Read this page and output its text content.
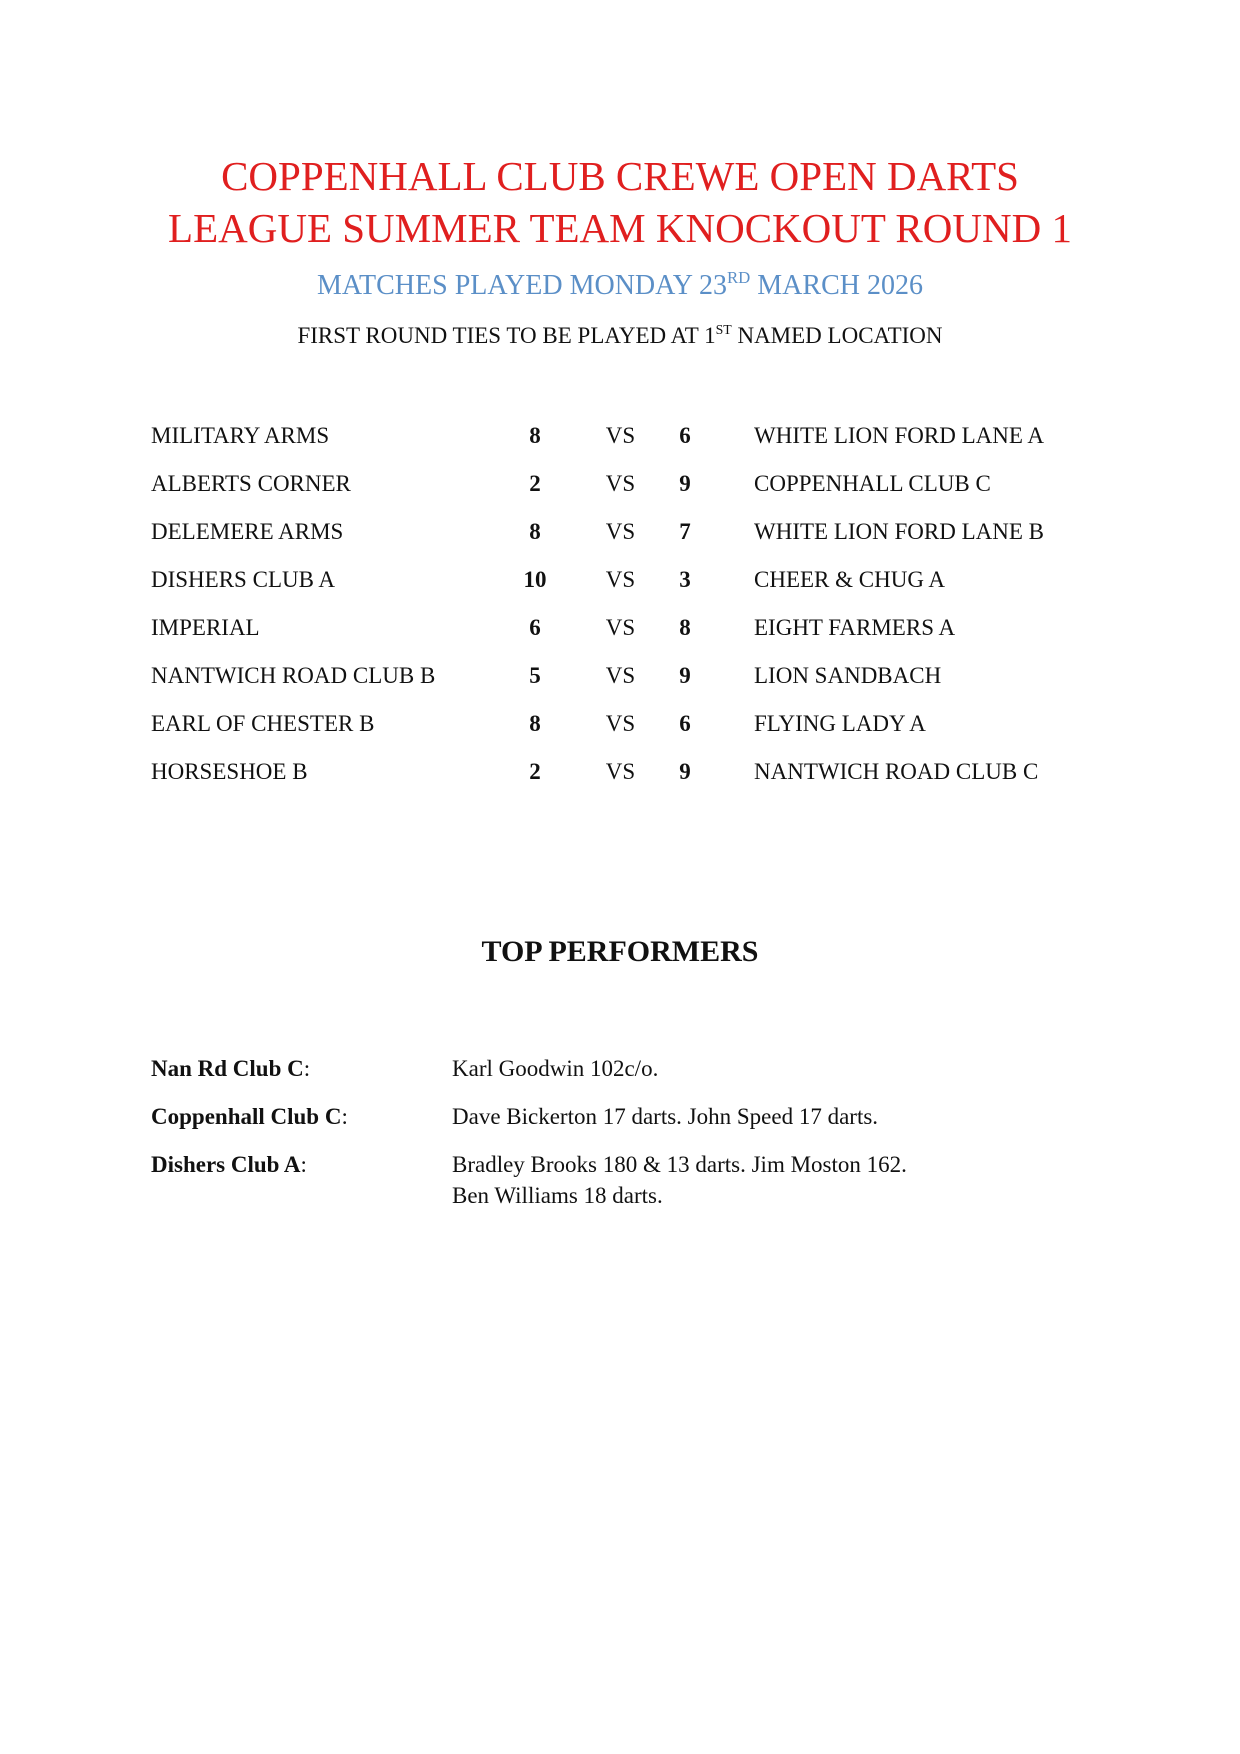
COPPENHALL CLUB CREWE OPEN DARTS
LEAGUE SUMMER TEAM KNOCKOUT ROUND 1

MATCHES PLAYED MONDAY 23RD MARCH 2026

FIRST ROUND TIES TO BE PLAYED AT 1ST NAMED LOCATION

MILITARY ARMS	8	VS	6	WHITE LION FORD LANE A
ALBERTS CORNER	2	VS	9	COPPENHALL CLUB C
DELEMERE ARMS	8	VS	7	WHITE LION FORD LANE B
DISHERS CLUB A	10	VS	3	CHEER & CHUG A
IMPERIAL	6	VS	8	EIGHT FARMERS A
NANTWICH ROAD CLUB B	5	VS	9	LION SANDBACH
EARL OF CHESTER B	8	VS	6	FLYING LADY A
HORSESHOE B	2	VS	9	NANTWICH ROAD CLUB C
TOP PERFORMERS
Nan Rd Club C:	Karl Goodwin 102c/o.
Coppenhall Club C:	Dave Bickerton 17 darts. John Speed 17 darts.
Dishers Club A:	Bradley Brooks 180 & 13 darts. Jim Moston 162.
Ben Williams 18 darts.
